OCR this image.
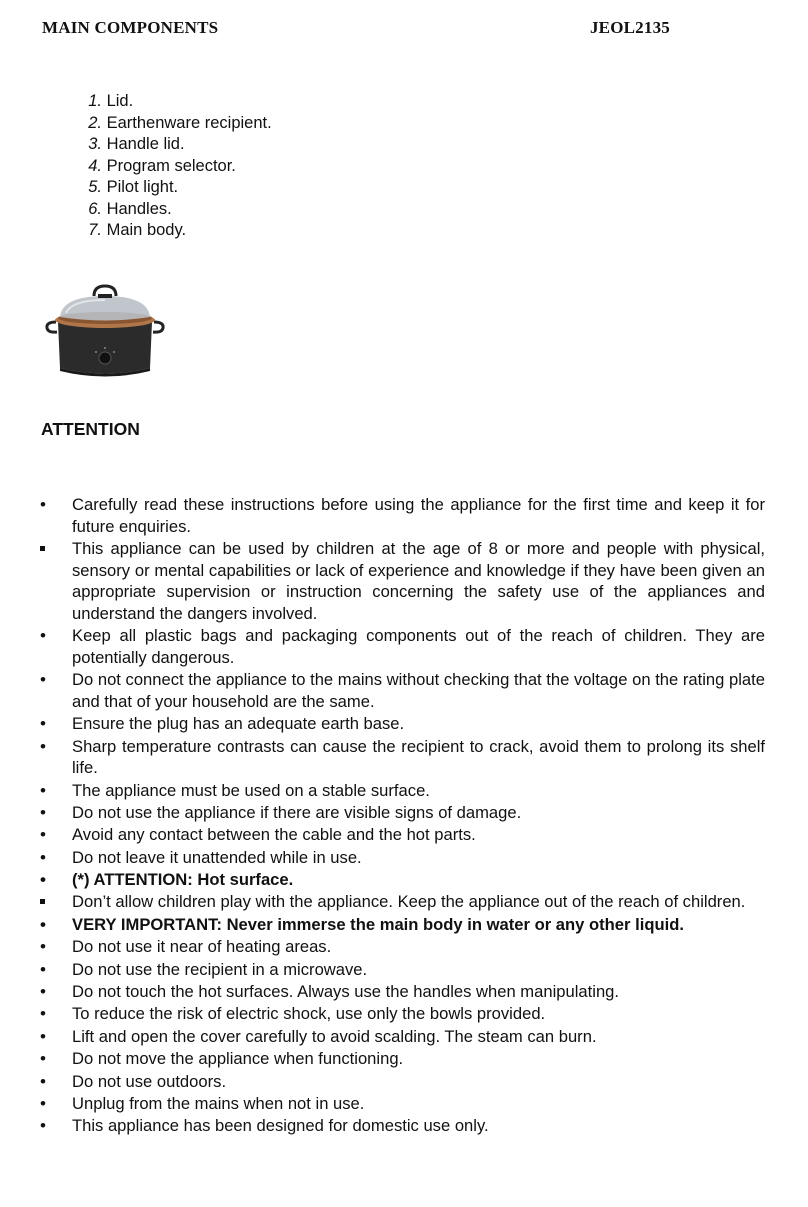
MAIN COMPONENTS	JEOL2135
1. Lid.
2. Earthenware recipient.
3. Handle lid.
4. Program selector.
5. Pilot light.
6. Handles.
7. Main body.
ATTENTION
•
Carefully read these instructions before using the appliance for the first time and keep it for future enquiries.
This appliance can be used by children at the age of 8 or more and people with physical, sensory or mental capabilities or lack of experience and knowledge if they have been given an appropriate supervision or instruction concerning the safety use of the appliances and understand the dangers involved.
•
Keep all plastic bags and packaging components out of the reach of children. They are potentially dangerous.
•
Do not connect the appliance to the mains without checking that the voltage on the rating plate and that of your household are the same.
•
Ensure the plug has an adequate earth base.
•
Sharp temperature contrasts can cause the recipient to crack, avoid them to prolong its shelf life.
•
The appliance must be used on a stable surface.
•
Do not use the appliance if there are visible signs of damage.
•
Avoid any contact between the cable and the hot parts.
•
Do not leave it unattended while in use.
•
(*) ATTENTION: Hot surface.
Don’t allow children play with the appliance. Keep the appliance out of the reach of children.
•
VERY IMPORTANT: Never immerse the main body in water or any other liquid.
•
Do not use it near of heating areas.
•
Do not use the recipient in a microwave.
•
Do not touch the hot surfaces. Always use the handles when manipulating.
•
To reduce the risk of electric shock, use only the bowls provided.
•
Lift and open the cover carefully to avoid scalding. The steam can burn.
•
Do not move the appliance when functioning.
•
Do not use outdoors.
•
Unplug from the mains when not in use.
•
This appliance has been designed for domestic use only.
